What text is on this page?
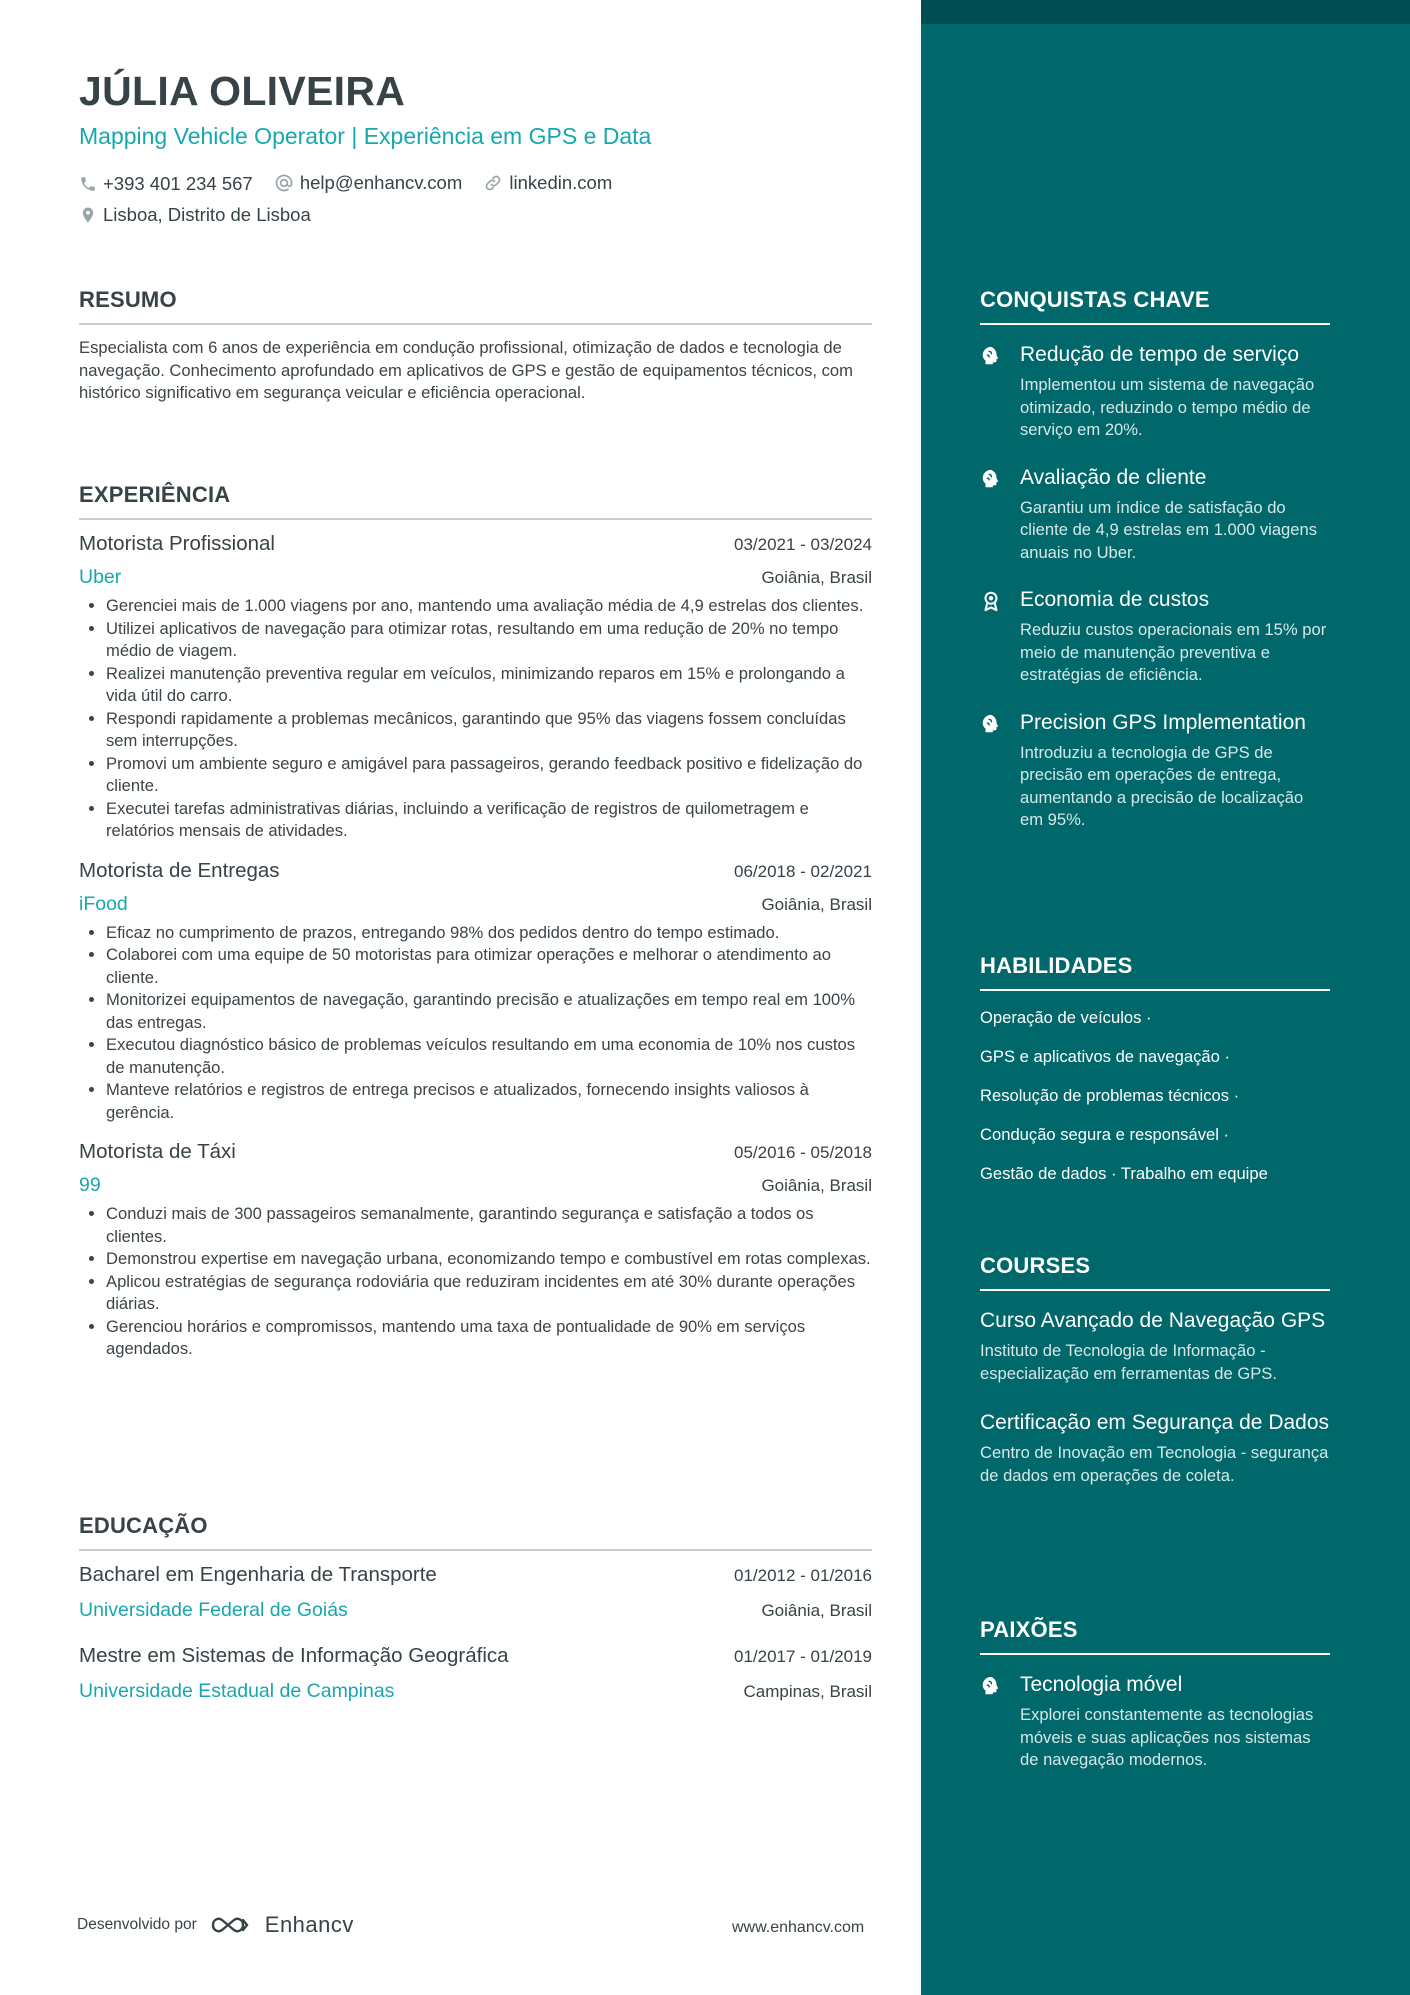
JÚLIA OLIVEIRA
Mapping Vehicle Operator | Experiência em GPS e Data
+393 401 234 567
	help@enhancv.com
	linkedin.com
Lisboa, Distrito de Lisboa
RESUMO

Especialista com 6 anos de experiência em condução profissional, otimização de dados e tecnologia de navegação. Conhecimento aprofundado em aplicativos de GPS e gestão de equipamentos técnicos, com histórico significativo em segurança veicular e eficiência operacional.

EXPERIÊNCIA
Motorista Profissional	03/2021 - 03/2024
Uber	Goiânia, Brasil
• Gerenciei mais de 1.000 viagens por ano, mantendo uma avaliação média de 4,9 estrelas dos clientes.
• Utilizei aplicativos de navegação para otimizar rotas, resultando em uma redução de 20% no tempo médio de viagem.
• Realizei manutenção preventiva regular em veículos, minimizando reparos em 15% e prolongando a vida útil do carro.
• Respondi rapidamente a problemas mecânicos, garantindo que 95% das viagens fossem concluídas sem interrupções.
• Promovi um ambiente seguro e amigável para passageiros, gerando feedback positivo e fidelização do cliente.
• Executei tarefas administrativas diárias, incluindo a verificação de registros de quilometragem e relatórios mensais de atividades.
Motorista de Entregas	06/2018 - 02/2021
iFood	Goiânia, Brasil
• Eficaz no cumprimento de prazos, entregando 98% dos pedidos dentro do tempo estimado.
• Colaborei com uma equipe de 50 motoristas para otimizar operações e melhorar o atendimento ao cliente.
• Monitorizei equipamentos de navegação, garantindo precisão e atualizações em tempo real em 100% das entregas.
• Executou diagnóstico básico de problemas veículos resultando em uma economia de 10% nos custos de manutenção.
• Manteve relatórios e registros de entrega precisos e atualizados, fornecendo insights valiosos à gerência.
Motorista de Táxi	05/2016 - 05/2018
99	Goiânia, Brasil
• Conduzi mais de 300 passageiros semanalmente, garantindo segurança e satisfação a todos os clientes.
• Demonstrou expertise em navegação urbana, economizando tempo e combustível em rotas complexas.
• Aplicou estratégias de segurança rodoviária que reduziram incidentes em até 30% durante operações diárias.
• Gerenciou horários e compromissos, mantendo uma taxa de pontualidade de 90% em serviços agendados.
EDUCAÇÃO
Bacharel em Engenharia de Transporte	01/2012 - 01/2016
Universidade Federal de Goiás	Goiânia, Brasil
Mestre em Sistemas de Informação Geográfica	01/2017 - 01/2019
Universidade Estadual de Campinas	Campinas, Brasil
Desenvolvido por	Enhancv	www.enhancv.com
CONQUISTAS CHAVE
Redução de tempo de serviço
Implementou um sistema de navegação otimizado, reduzindo o tempo médio de serviço em 20%.
Avaliação de cliente
Garantiu um índice de satisfação do cliente de 4,9 estrelas em 1.000 viagens anuais no Uber.
Economia de custos
Reduziu custos operacionais em 15% por meio de manutenção preventiva e estratégias de eficiência.
Precision GPS Implementation
Introduziu a tecnologia de GPS de precisão em operações de entrega, aumentando a precisão de localização em 95%.
HABILIDADES
Operação de veículos ·
GPS e aplicativos de navegação ·
Resolução de problemas técnicos ·
Condução segura e responsável ·
Gestão de dados · Trabalho em equipe
COURSES
Curso Avançado de Navegação GPS
Instituto de Tecnologia de Informação - especialização em ferramentas de GPS.
Certificação em Segurança de Dados
Centro de Inovação em Tecnologia - segurança de dados em operações de coleta.
PAIXÕES
Tecnologia móvel
Explorei constantemente as tecnologias móveis e suas aplicações nos sistemas de navegação modernos.
